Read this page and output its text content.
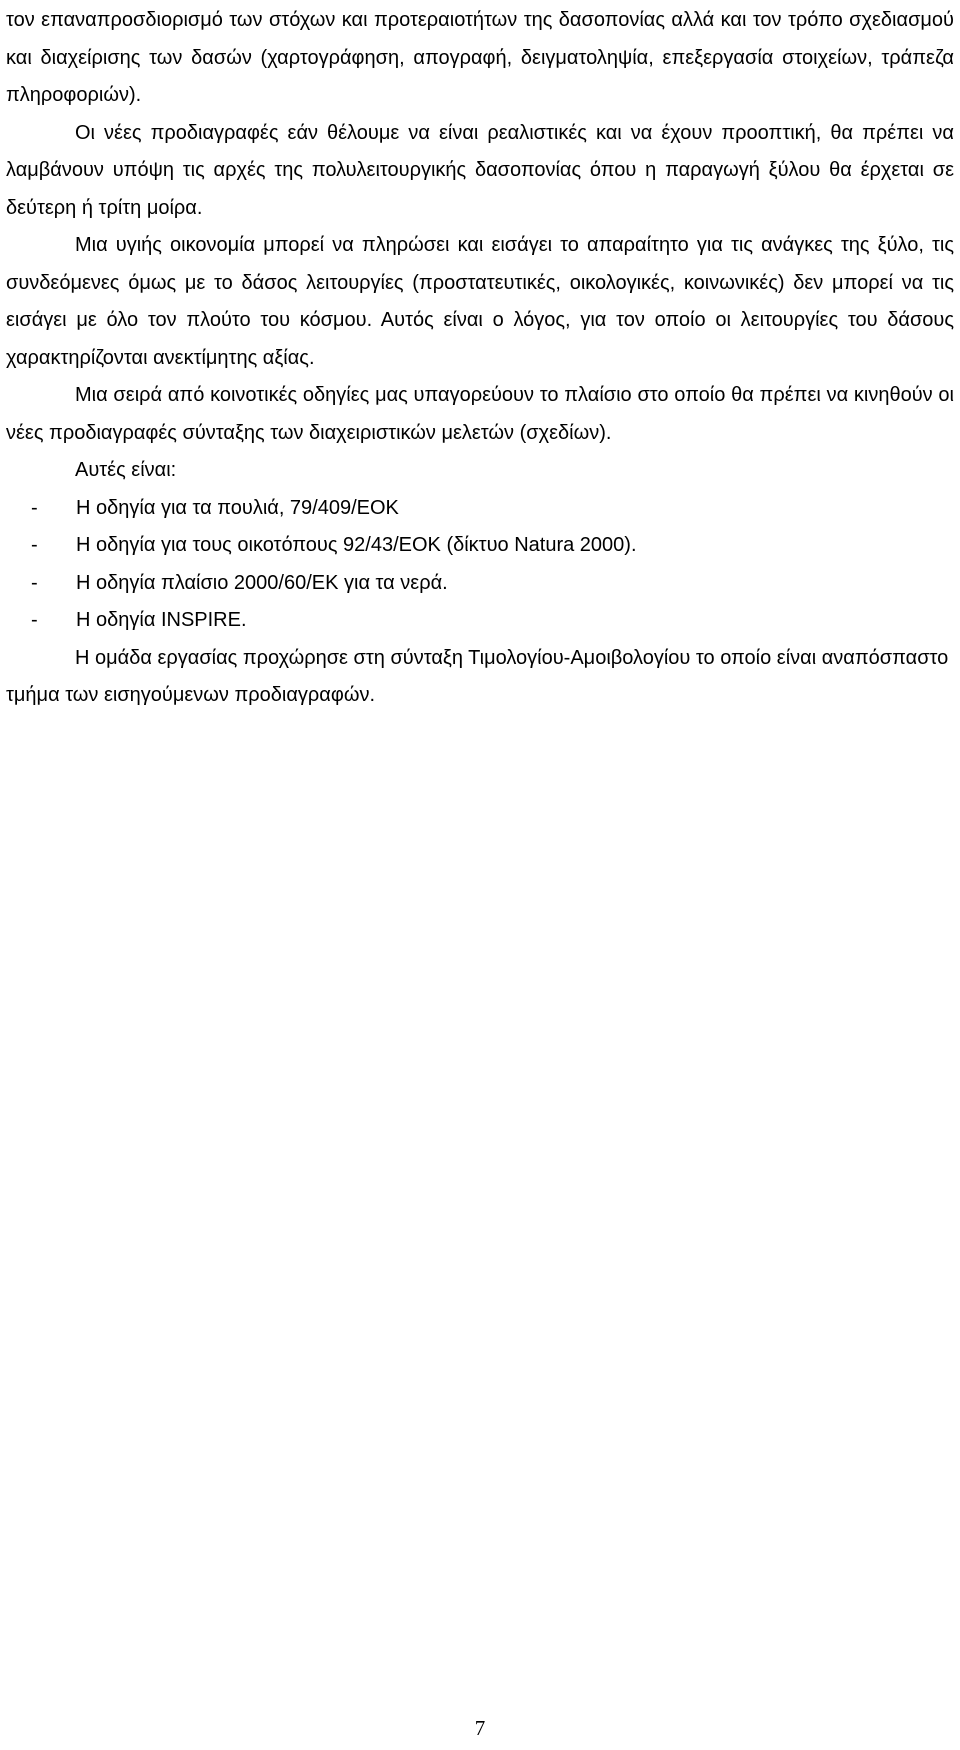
τον επαναπροσδιορισμό των στόχων και προτεραιοτήτων της δασοπονίας αλλά και τον τρόπο σχεδιασμού και διαχείρισης των δασών (χαρτογράφηση, απογραφή, δειγματοληψία, επεξεργασία στοιχείων, τράπεζα πληροφοριών).

Οι νέες προδιαγραφές εάν θέλουμε να είναι ρεαλιστικές και να έχουν προοπτική, θα πρέπει να λαμβάνουν υπόψη τις αρχές της πολυλειτουργικής δασοπονίας όπου η παραγωγή ξύλου θα έρχεται σε δεύτερη ή τρίτη μοίρα.

Μια υγιής οικονομία μπορεί να πληρώσει και εισάγει το απαραίτητο για τις ανάγκες της ξύλο, τις συνδεόμενες όμως με το δάσος λειτουργίες (προστατευτικές, οικολογικές, κοινωνικές) δεν μπορεί να τις εισάγει με όλο τον πλούτο του κόσμου. Αυτός είναι ο λόγος, για τον οποίο οι λειτουργίες του δάσους χαρακτηρίζονται ανεκτίμητης αξίας.

Μια σειρά από κοινοτικές οδηγίες μας υπαγορεύουν το πλαίσιο στο οποίο θα πρέπει να κινηθούν οι νέες προδιαγραφές σύνταξης των διαχειριστικών μελετών (σχεδίων).

Αυτές είναι:

- Η οδηγία για τα πουλιά, 79/409/ΕΟΚ
- Η οδηγία για τους οικοτόπους 92/43/ΕΟΚ (δίκτυο Natura 2000).
- Η οδηγία πλαίσιο 2000/60/ΕΚ για τα νερά.
- Η οδηγία INSPIRE.

Η ομάδα εργασίας προχώρησε στη σύνταξη Τιμολογίου-Αμοιβολογίου το οποίο είναι αναπόσπαστο τμήμα των εισηγούμενων προδιαγραφών.

7
